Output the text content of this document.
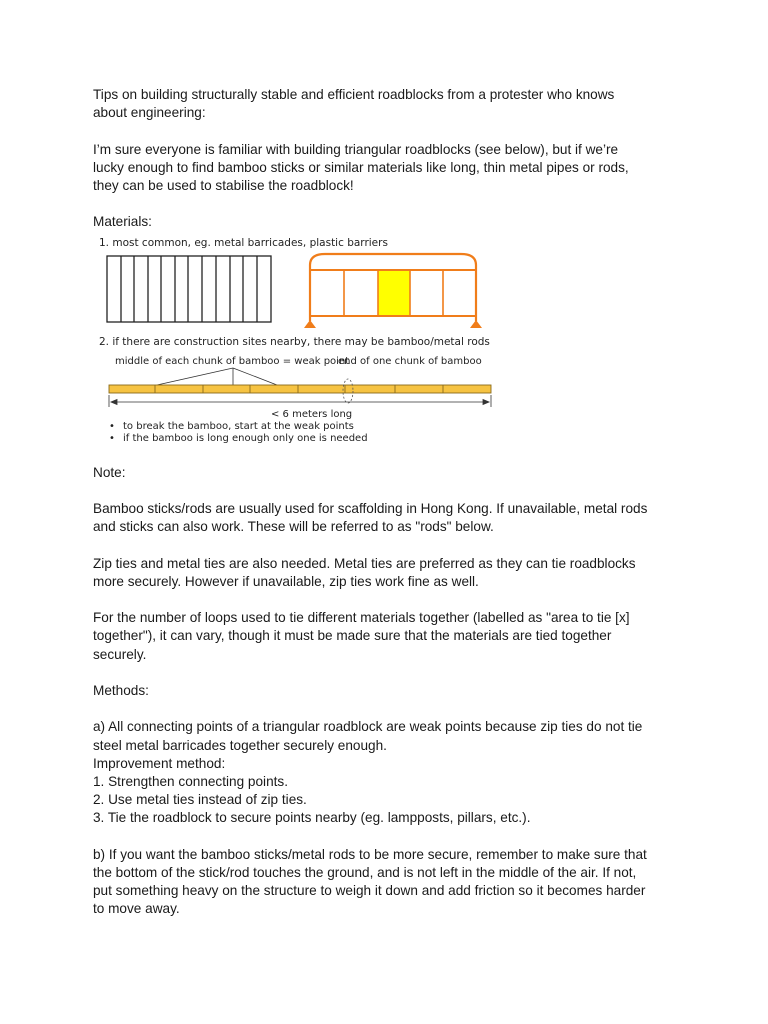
Tips on building structurally stable and efficient roadblocks from a protester who knows
about engineering:

I’m sure everyone is familiar with building triangular roadblocks (see below), but if we’re
lucky enough to find bamboo sticks or similar materials like long, thin metal pipes or rods,
they can be used to stabilise the roadblock!

Materials:

1. most common, eg. metal barricades, plastic barriers
2. if there are construction sites nearby, there may be bamboo/metal rods
middle of each chunk of bamboo = weak point
end of one chunk of bamboo
< 6 meters long
• to break the bamboo, start at the weak points
• if the bamboo is long enough only one is needed

Note:

Bamboo sticks/rods are usually used for scaffolding in Hong Kong. If unavailable, metal rods
and sticks can also work. These will be referred to as "rods" below.

Zip ties and metal ties are also needed. Metal ties are preferred as they can tie roadblocks
more securely. However if unavailable, zip ties work fine as well.

For the number of loops used to tie different materials together (labelled as "area to tie [x]
together"), it can vary, though it must be made sure that the materials are tied together
securely.

Methods:

a) All connecting points of a triangular roadblock are weak points because zip ties do not tie
steel metal barricades together securely enough.
Improvement method:
1. Strengthen connecting points.
2. Use metal ties instead of zip ties.
3. Tie the roadblock to secure points nearby (eg. lampposts, pillars, etc.).

b) If you want the bamboo sticks/metal rods to be more secure, remember to make sure that
the bottom of the stick/rod touches the ground, and is not left in the middle of the air. If not,
put something heavy on the structure to weigh it down and add friction so it becomes harder
to move away.
